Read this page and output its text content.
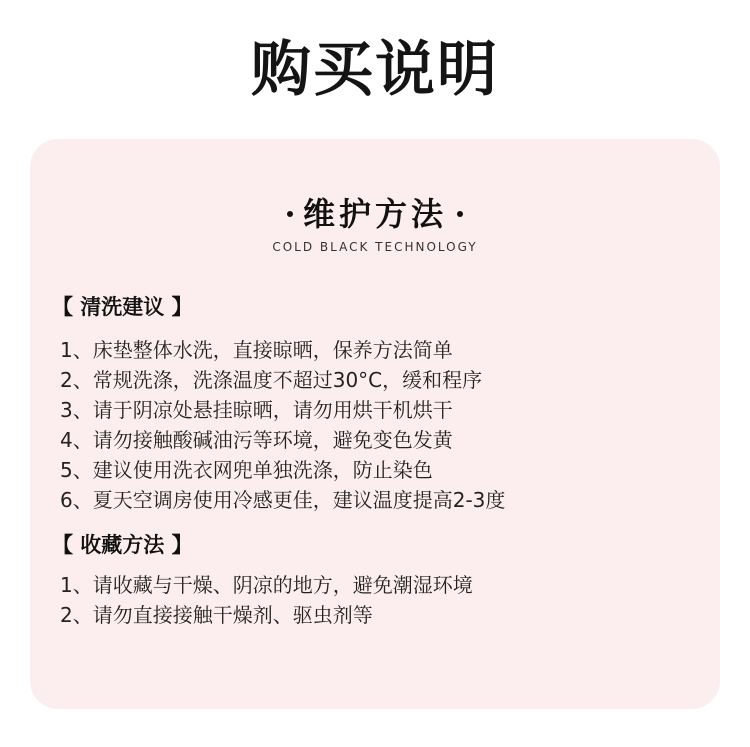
购买说明
维护方法
COLD BLACK TECHNOLOGY
【 清洗建议 】
1、床垫整体水洗，直接晾晒，保养方法简单
2、常规洗涤，洗涤温度不超过30°C，缓和程序
3、请于阴凉处悬挂晾晒，请勿用烘干机烘干
4、请勿接触酸碱油污等环境，避免变色发黄
5、建议使用洗衣网兜单独洗涤，防止染色
6、夏天空调房使用冷感更佳，建议温度提高2-3度
【 收藏方法 】
1、请收藏与干燥、阴凉的地方，避免潮湿环境
2、请勿直接接触干燥剂、驱虫剂等
